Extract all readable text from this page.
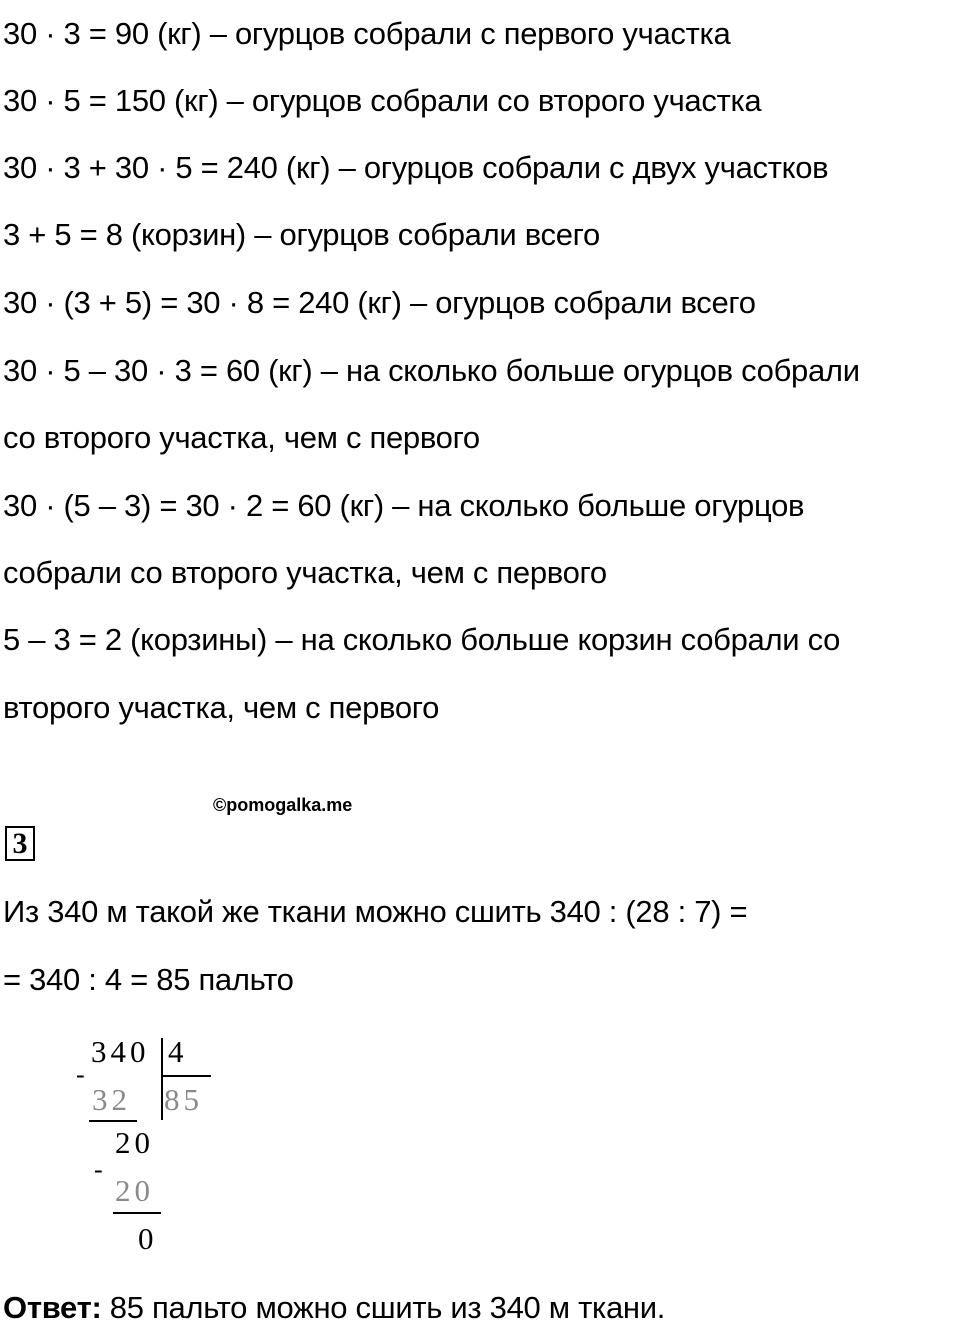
30 · 3 = 90 (кг) – огурцов собрали с первого участка
30 · 5 = 150 (кг) – огурцов собрали со второго участка
30 · 3 + 30 · 5 = 240 (кг) – огурцов собрали с двух участков
3 + 5 = 8 (корзин) – огурцов собрали всего
30 · (3 + 5) = 30 · 8 = 240 (кг) – огурцов собрали всего
30 · 5 – 30 · 3 = 60 (кг) – на сколько больше огурцов собрали
со второго участка, чем с первого
30 · (5 – 3) = 30 · 2 = 60 (кг) – на сколько больше огурцов
собрали со второго участка, чем с первого
5 – 3 = 2 (корзины) – на сколько больше корзин собрали со
второго участка, чем с первого
©pomogalka.me
3
Из 340 м такой же ткани можно сшить 340 : (28 : 7) =
= 340 : 4 = 85 пальто
340 4
-
32 85
20
-
20
0
Ответ: 85 пальто можно сшить из 340 м ткани.
